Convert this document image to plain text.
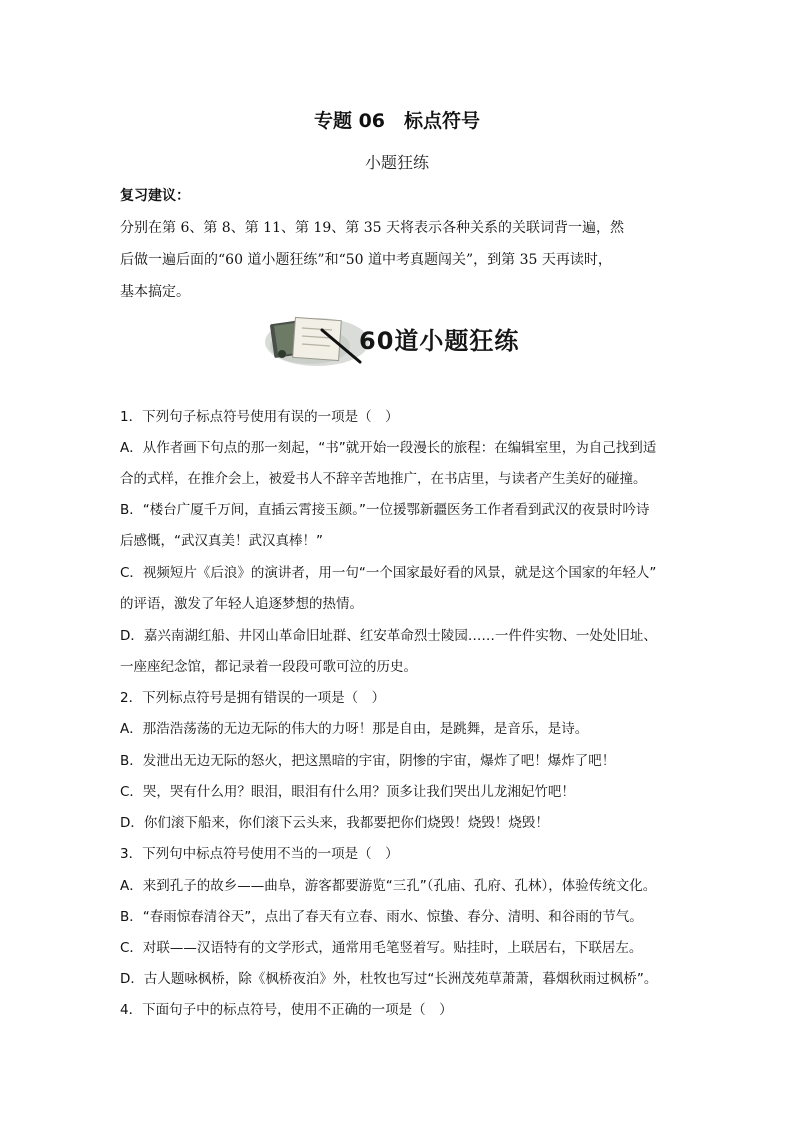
专题 06　标点符号
小题狂练
复习建议：
分别在第 6、第 8、第 11、第 19、第 35 天将表示各种关系的关联词背一遍，然
后做一遍后面的“60 道小题狂练”和“50 道中考真题闯关”，到第 35 天再读时，
基本搞定。
60道小题狂练
1．下列句子标点符号使用有误的一项是（　）
A．从作者画下句点的那一刻起，“书”就开始一段漫长的旅程：在编辑室里，为自己找到适
合的式样，在推介会上，被爱书人不辞辛苦地推广，在书店里，与读者产生美好的碰撞。
B．“楼台广厦千万间，直插云霄接玉颜。”一位援鄂新疆医务工作者看到武汉的夜景时吟诗
后感慨，“武汉真美！武汉真棒！”
C．视频短片《后浪》的演讲者，用一句“一个国家最好看的风景，就是这个国家的年轻人”
的评语，激发了年轻人追逐梦想的热情。
D．嘉兴南湖红船、井冈山革命旧址群、红安革命烈士陵园……一件件实物、一处处旧址、
一座座纪念馆，都记录着一段段可歌可泣的历史。
2．下列标点符号是拥有错误的一项是（　）
A．那浩浩荡荡的无边无际的伟大的力呀！那是自由，是跳舞，是音乐，是诗。
B．发泄出无边无际的怒火，把这黑暗的宇宙，阴惨的宇宙，爆炸了吧！爆炸了吧！
C．哭，哭有什么用？眼泪，眼泪有什么用？顶多让我们哭出儿龙湘妃竹吧！
D．你们滚下船来，你们滚下云头来，我都要把你们烧毁！烧毁！烧毁！
3．下列句中标点符号使用不当的一项是（　）
A．来到孔子的故乡——曲阜，游客都要游览“三孔”（孔庙、孔府、孔林），体验传统文化。
B．“春雨惊春清谷天”，点出了春天有立春、雨水、惊蛰、春分、清明、和谷雨的节气。
C．对联——汉语特有的文学形式，通常用毛笔竖着写。贴挂时，上联居右，下联居左。
D．古人题咏枫桥，除《枫桥夜泊》外，杜牧也写过“长洲茂苑草萧萧，暮烟秋雨过枫桥”。
4．下面句子中的标点符号，使用不正确的一项是（　）
